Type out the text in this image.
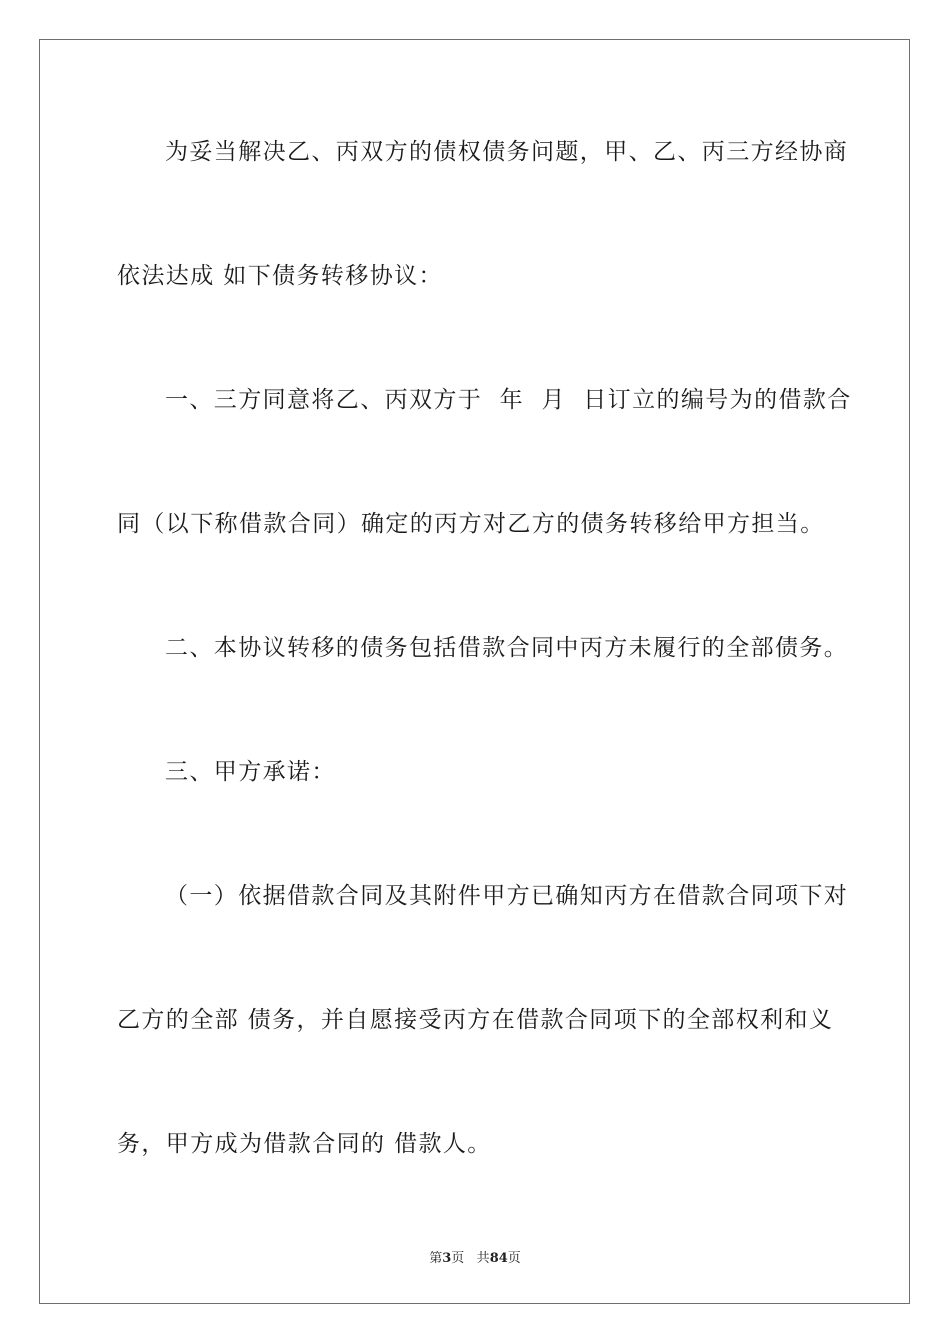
为妥当解决乙、丙双方的债权债务问题，甲、乙、丙三方经协商
依法达成 如下债务转移协议：
一、三方同意将乙、丙双方于  年  月  日订立的编号为的借款合
同（以下称借款合同）确定的丙方对乙方的债务转移给甲方担当。
二、本协议转移的债务包括借款合同中丙方未履行的全部债务。
三、甲方承诺：
（一）依据借款合同及其附件甲方已确知丙方在借款合同项下对
乙方的全部 债务，并自愿接受丙方在借款合同项下的全部权利和义
务，甲方成为借款合同的 借款人。
第3页 共84页
